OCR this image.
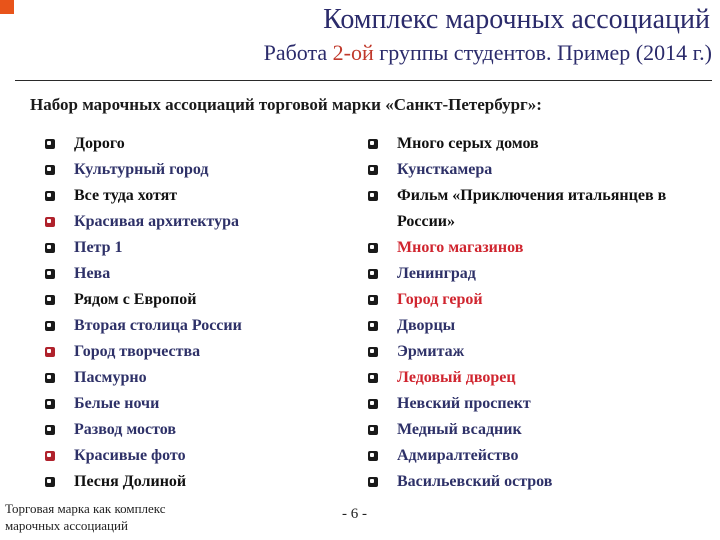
Комплекс марочных ассоциаций
Работа 2-ой группы студентов. Пример (2014 г.)
Набор марочных ассоциаций торговой марки «Санкт-Петербург»:
Дорого
Культурный город
Все туда хотят
Красивая архитектура
Петр 1
Нева
Рядом с Европой
Вторая столица России
Город творчества
Пасмурно
Белые ночи
Развод мостов
Красивые фото
Песня Долиной
Много серых домов
Кунсткамера
Фильм «Приключения итальянцев в России»
Много магазинов
Ленинград
Город герой
Дворцы
Эрмитаж
Ледовый дворец
Невский проспект
Медный всадник
Адмиралтейство
Васильевский остров
Торговая марка как комплекс марочных ассоциаций
- 6 -
